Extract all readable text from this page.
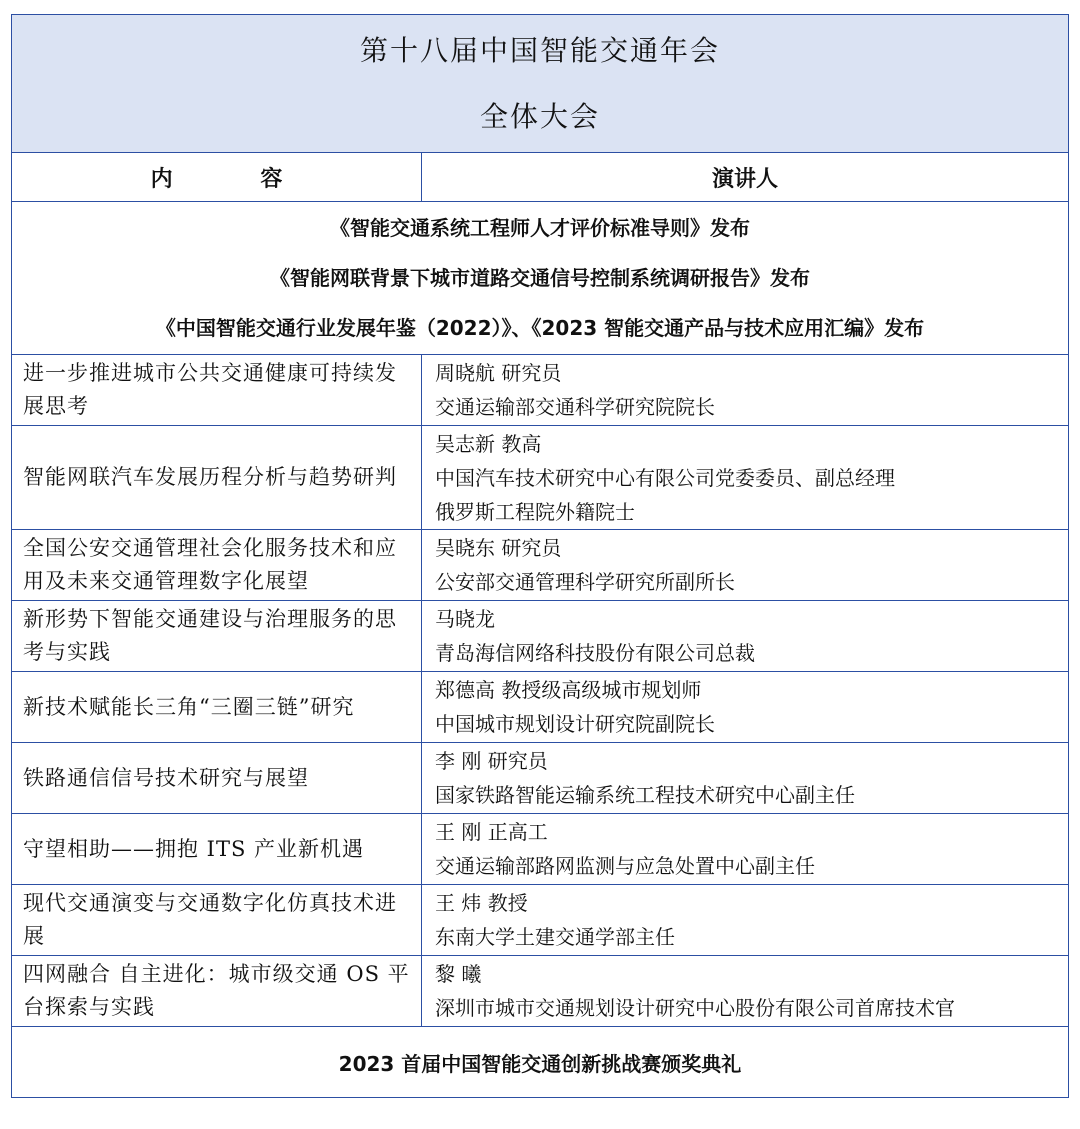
第十八届中国智能交通年会
全体大会	

内 容	演讲人

《智能交通系统工程师人才评价标准导则》发布
《智能网联背景下城市道路交通信号控制系统调研报告》发布
《中国智能交通行业发展年鉴（2022）》、《2023 智能交通产品与技术应用汇编》发布	

进一步推进城市公共交通健康可持续发展思考	周晓航 研究员
交通运输部交通科学研究院院长

智能网联汽车发展历程分析与趋势研判	吴志新 教高
中国汽车技术研究中心有限公司党委委员、副总经理
俄罗斯工程院外籍院士

全国公安交通管理社会化服务技术和应用及未来交通管理数字化展望	吴晓东 研究员
公安部交通管理科学研究所副所长

新形势下智能交通建设与治理服务的思考与实践	马晓龙
青岛海信网络科技股份有限公司总裁

新技术赋能长三角“三圈三链”研究	郑德高 教授级高级城市规划师
中国城市规划设计研究院副院长

铁路通信信号技术研究与展望	李 刚 研究员
国家铁路智能运输系统工程技术研究中心副主任

守望相助——拥抱 ITS 产业新机遇	王 刚 正高工
交通运输部路网监测与应急处置中心副主任

现代交通演变与交通数字化仿真技术进展	王 炜 教授
东南大学土建交通学部主任

四网融合 自主进化：城市级交通 OS 平台探索与实践	黎 曦
深圳市城市交通规划设计研究中心股份有限公司首席技术官

2023 首届中国智能交通创新挑战赛颁奖典礼	
